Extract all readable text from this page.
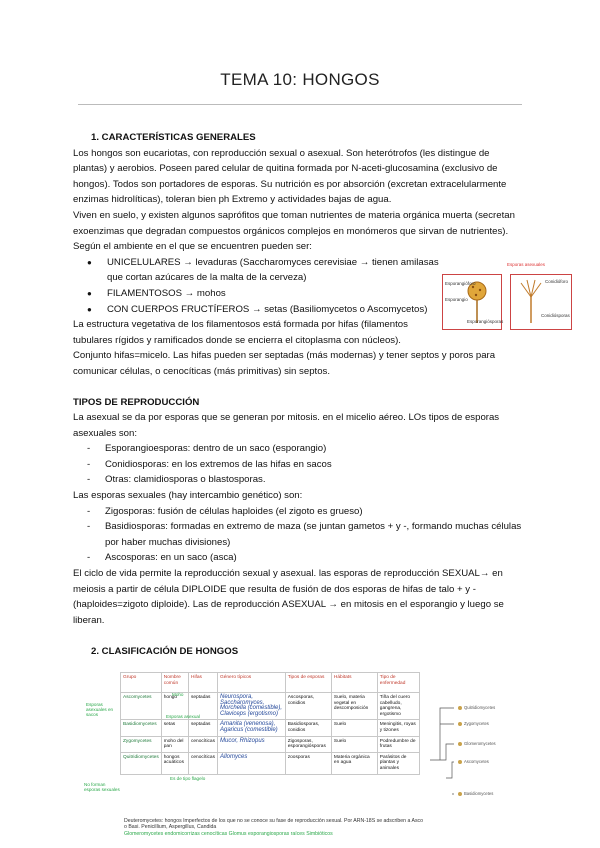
TEMA 10: HONGOS
1. CARACTERÍSTICAS GENERALES

Los hongos son eucariotas, con reproducción sexual o asexual. Son heterótrofos (les distingue de plantas) y aerobios. Poseen pared celular de quitina formada por N-aceti-glucosamina (exclusivo de hongos). Todos son portadores de esporas. Su nutrición es por absorción (excretan extracelularmente enzimas hidrolíticas), toleran bien ph Extremo y actividades bajas de agua.

Viven en suelo, y existen algunos saprófitos que toman nutrientes de materia orgánica muerta (secretan exoenzimas que degradan compuestos orgánicos complejos en monómeros que sirvan de nutrientes). Según el ambiente en el que se encuentren pueden ser:

● UNICELULARES → levaduras (Saccharomyces cerevisiae → tienen amilasas que cortan azúcares de la malta de la cerveza)
● FILAMENTOSOS → mohos
● CON CUERPOS FRUCTÍFEROS → setas (Basiliomycetos o Ascomycetos)

La estructura vegetativa de los filamentosos está formada por hifas (filamentos tubulares rígidos y ramificados donde se encierra el citoplasma con núcleos).

Conjunto hifas=micelo. Las hifas pueden ser septadas (más modernas) y tener septos y poros para comunicar células, o cenocíticas (más primitivas) sin septos.

TIPOS DE REPRODUCCIÓN

La asexual se da por esporas que se generan por mitosis. en el micelio aéreo. LOs tipos de esporas asexuales son:

- Esporangioesporas: dentro de un saco (esporangio)
- Conidiosporas: en los extremos de las hifas en sacos
- Otras: clamidiosporas o blastosporas.

Las esporas sexuales (hay intercambio genético) son:

- Zigosporas: fusión de células haploides (el zigoto es grueso)
- Basidiosporas: formadas en extremo de maza (se juntan gametos + y -, formando muchas células por haber muchas divisiones)
- Ascosporas: en un saco (asca)

El ciclo de vida permite la reproducción sexual y asexual. las esporas de reproducción SEXUAL→ en meiosis a partir de célula DIPLOIDE que resulta de fusión de dos esporas de hifas de talo + y - (haploides=zigoto diploide). Las de reproducción ASEXUAL → en mitosis en el esporangio y luego se liberan.

Esporas asexuales
Esporangióforo
Esporangio
Esporangiósporas
Conidióforo
Conidiósporas
2. CLASIFICACIÓN DE HONGOS
Grupo	Nombre común	Hifas	Género típicos	Tipos de esporas	Hábitats	Tipo de enfermedad
Ascomycetes	hongo	septadas	Neurospora, Saccharomyces, Morchella (comestible), Claviceps (ergotismo)	Ascosporas, conidios	Suelo, materia vegetal en descomposición	Tiña del cuero cabelludo, gangrena, ergotismo
Basidiomycetes	setas	septadas	Amanita (venenosa), Agaricus (comestible)	Basidiosporas, conidios	Suelo	Meningitis, royas y tizones
Zygomycetes	moho del pan	cenocíticas	Mucor, Rhizopus	Zigosporas, esporangiósporas	Suelo	Podredumbre de frutas
Quitridiomycetes	hongos acuáticos	cenocíticas	Allomyces	zoosporas	Materia orgánica en agua	Parásitos de plantas y animales
Esporas asexuales en sacos
Moho
Esporas asexual
No forman esporas sexuales
Es de tipo flagelo
Quitridiomycetes
Zygomycetes
Glomeromycetes
Ascomycetes
Basidiomycetes
Deuteromycetes: hongos Imperfectos de los que no se conoce su fase de reproducción sexual. Por ARN-18S se adscriben a Asco o Basi. Penicillium, Aspergillus, Candida
Glomeromycetes endomicorrizas cenocíticas Glomus esporangiosporas raíces Simbióticos
